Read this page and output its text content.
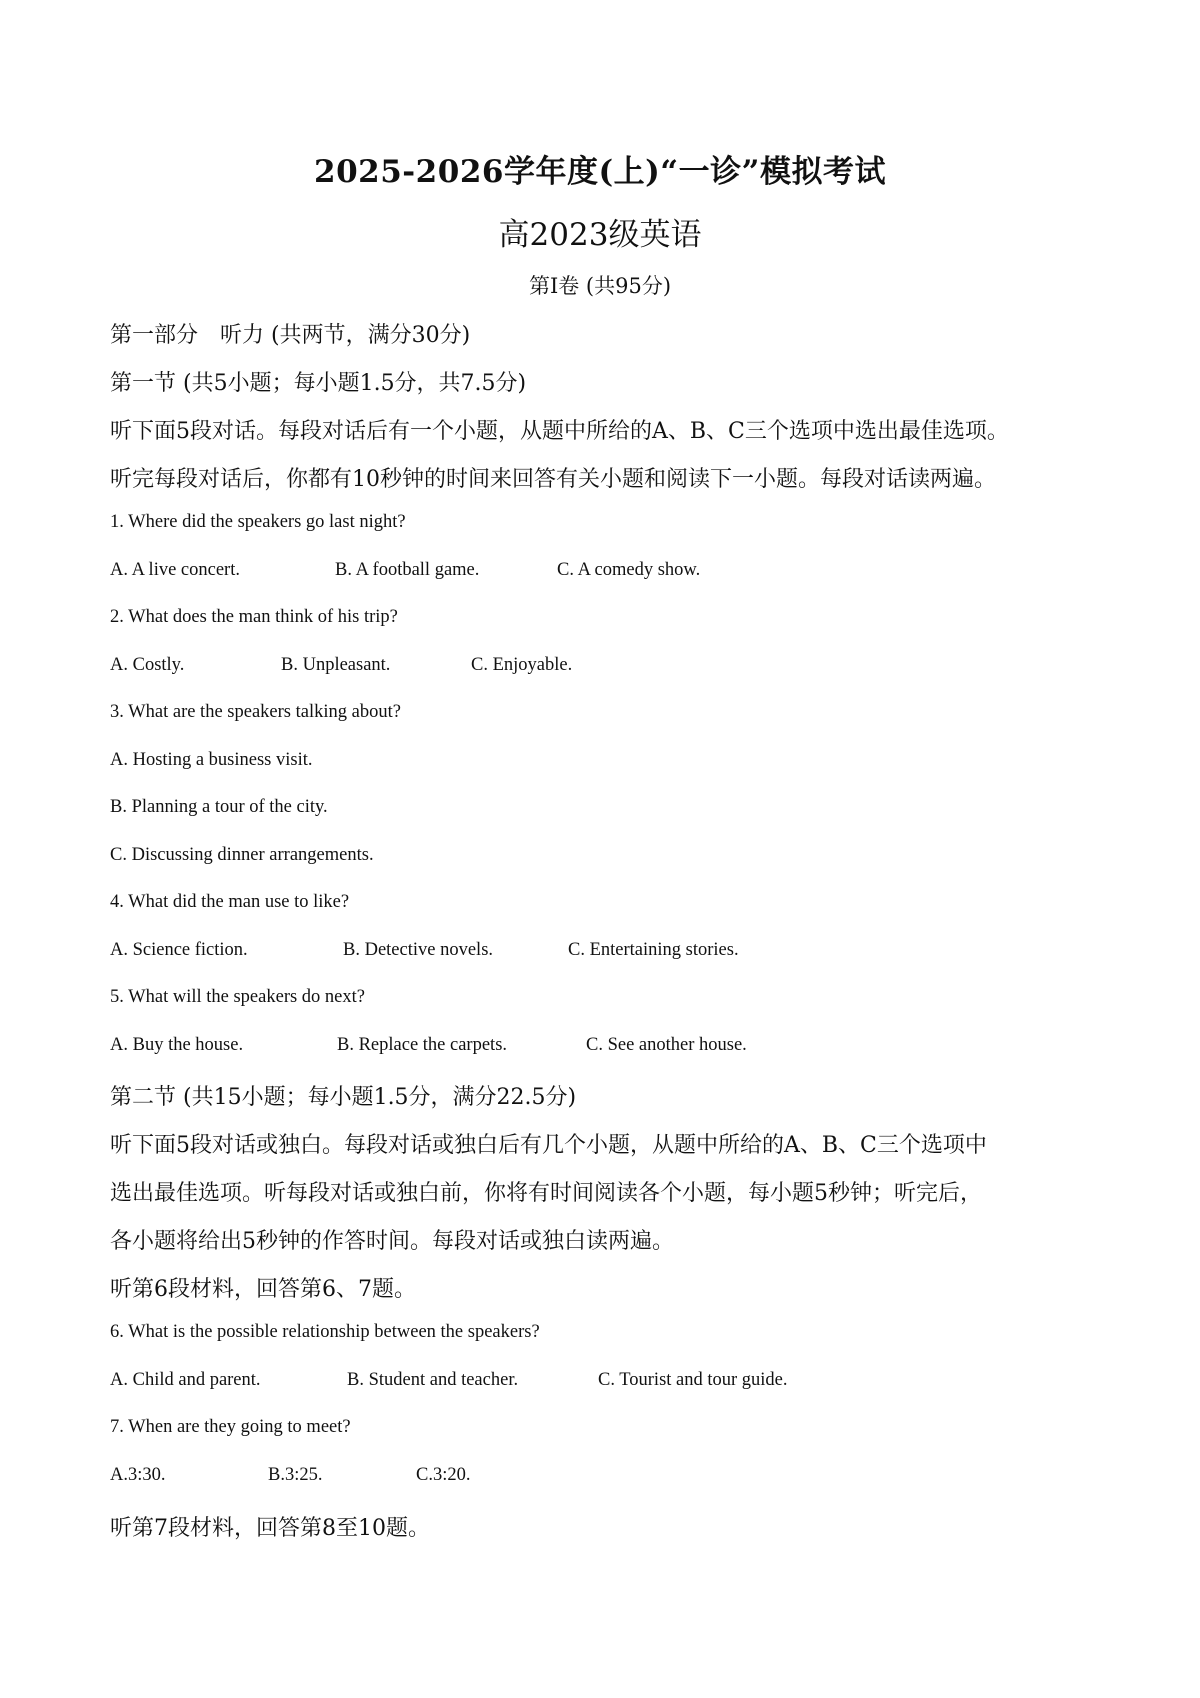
2025-2026学年度(上)“一诊”模拟考试
高2023级英语
第Ⅰ卷 (共95分)
第一部分　听力 (共两节，满分30分)
第一节 (共5小题；每小题1.5分，共7.5分)
听下面5段对话。每段对话后有一个小题，从题中所给的A、B、C三个选项中选出最佳选项。
听完每段对话后，你都有10秒钟的时间来回答有关小题和阅读下一小题。每段对话读两遍。
1. Where did the speakers go last night?
A. A live concert.	B. A football game.	C. A comedy show.
2. What does the man think of his trip?
A. Costly.	B. Unpleasant.	C. Enjoyable.
3. What are the speakers talking about?
A. Hosting a business visit.
B. Planning a tour of the city.
C. Discussing dinner arrangements.
4. What did the man use to like?
A. Science fiction.	B. Detective novels.	C. Entertaining stories.
5. What will the speakers do next?
A. Buy the house.	B. Replace the carpets.	C. See another house.
第二节 (共15小题；每小题1.5分，满分22.5分)
听下面5段对话或独白。每段对话或独白后有几个小题，从题中所给的A、B、C三个选项中
选出最佳选项。听每段对话或独白前，你将有时间阅读各个小题，每小题5秒钟；听完后，
各小题将给出5秒钟的作答时间。每段对话或独白读两遍。
听第6段材料，回答第6、7题。
6. What is the possible relationship between the speakers?
A. Child and parent.	B. Student and teacher.	C. Tourist and tour guide.
7. When are they going to meet?
A.3:30.	B.3:25.	C.3:20.
听第7段材料，回答第8至10题。
